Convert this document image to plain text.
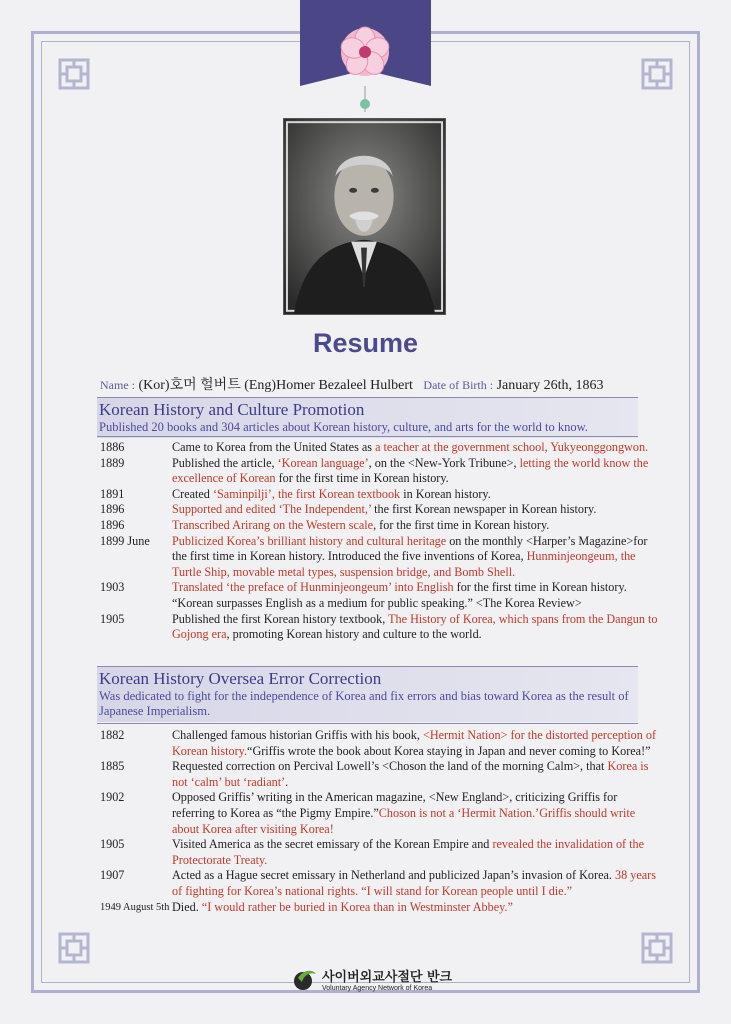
Resume
Name : (Kor)호머 헐버트 (Eng)Homer Bezaleel Hulbert Date of Birth : January 26th, 1863
Korean History and Culture Promotion

Published 20 books and 304 articles about Korean history, culture, and arts for the world to know.

1886	Came to Korea from the United States as a teacher at the government school, Yukyeonggongwon.
1889	Published the article, ‘Korean language’, on the <New-York Tribune>, letting the world know the excellence of Korean for the first time in Korean history.
1891	Created ‘Saminpilji’, the first Korean textbook in Korean history.
1896	Supported and edited ‘The Independent,’ the first Korean newspaper in Korean history.
1896	Transcribed Arirang on the Western scale, for the first time in Korean history.
1899 June	Publicized Korea’s brilliant history and cultural heritage on the monthly <Harper’s Magazine>for the first time in Korean history. Introduced the five inventions of Korea, Hunminjeongeum, the Turtle Ship, movable metal types, suspension bridge, and Bomb Shell.
1903	Translated ‘the preface of Hunminjeongeum’ into English for the first time in Korean history. “Korean surpasses English as a medium for public speaking.” <The Korea Review>
1905	Published the first Korean history textbook, The History of Korea, which spans from the Dangun to Gojong era, promoting Korean history and culture to the world.
Korean History Oversea Error Correction

Was dedicated to fight for the independence of Korea and fix errors and bias toward Korea as the result of Japanese Imperialism.

1882	Challenged famous historian Griffis with his book, <Hermit Nation> for the distorted perception of Korean history.“Griffis wrote the book about Korea staying in Japan and never coming to Korea!”
1885	Requested correction on Percival Lowell’s <Choson the land of the morning Calm>, that Korea is not ‘calm’ but ‘radiant’.
1902	Opposed Griffis’ writing in the American magazine, <New England>, criticizing Griffis for referring to Korea as “the Pigmy Empire.”Choson is not a ‘Hermit Nation.’Griffis should write about Korea after visiting Korea!
1905	Visited America as the secret emissary of the Korean Empire and revealed the invalidation of the Protectorate Treaty.
1907	Acted as a Hague secret emissary in Netherland and publicized Japan’s invasion of Korea. 38 years of fighting for Korea’s national rights. “I will stand for Korean people until I die.”
1949 August 5th Died. “I would rather be buried in Korea than in Westminster Abbey.”
사이버외교사절단 반크
Voluntary Agency Network of Korea
